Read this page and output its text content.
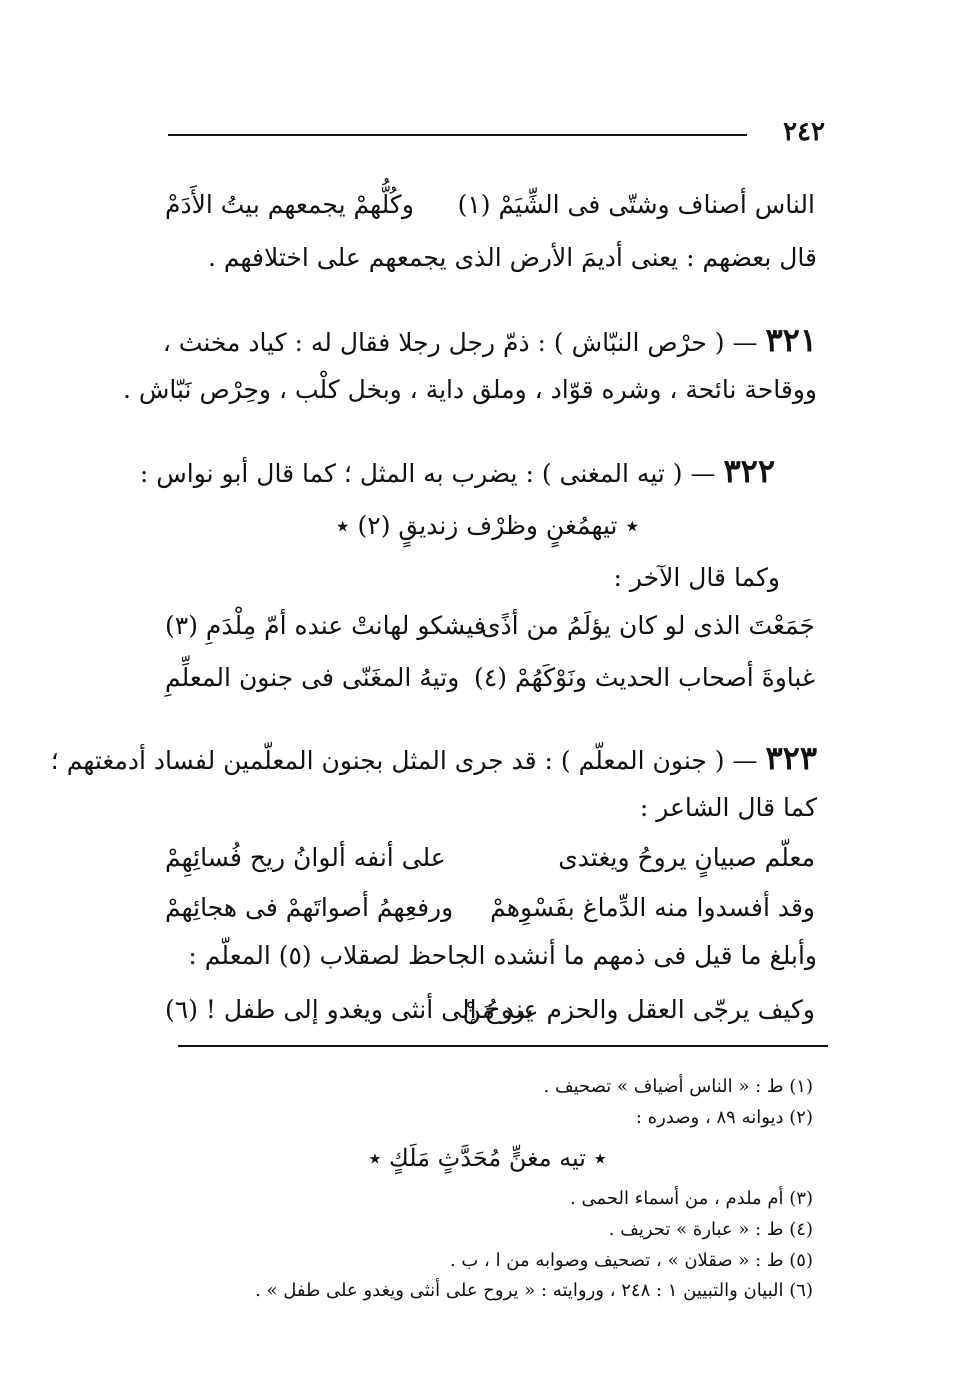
٢٤٢
الناس أصناف وشتّى فى الشِّيَمْ (١)
وكُلُّهمْ يجمعهم بيتُ الأَدَمْ
قال بعضهم : يعنى أديمَ الأرض الذى يجمعهم على اختلافهم .
٣٢١ — ( حرْص النبّاش ) : ذمّ رجل رجلا فقال له : كياد مخنث ،
ووقاحة نائحة ، وشره قوّاد ، وملق داية ، وبخل كلْب ، وحِرْص نَبّاش .
٣٢٢ — ( تيه المغنى ) : يضرب به المثل ؛ كما قال أبو نواس :
٭ تيهمُغنٍ وظرْف زنديقٍ (٢) ٭
وكما قال الآخر :
جَمَعْتَ الذى لو كان يؤلَمُ من أذًى
فيشكو لهانتْ عنده أمّ مِلْدَمِ (٣)
غباوةَ أصحاب الحديث ونَوْكَهُمْ (٤)
وتيهُ المغَنّى فى جنون المعلِّمِ
٣٢٣ — ( جنون المعلّم ) : قد جرى المثل بجنون المعلّمين لفساد أدمغتهم ؛
كما قال الشاعر :
معلّم صبيانٍ يروحُ ويغتدى
على أنفه ألوانُ ريح فُسائِهِمْ
وقد أفسدوا منه الدِّماغ بفَسْوِهمْ
ورفعِهمُ أصواتَهمْ فى هجائِهمْ
وأبلغ ما قيل فى ذمهم ما أنشده الجاحظ لصقلاب (٥) المعلّم :
وكيف يرجّى العقل والحزم عند مَنْ
يروحُ إلى أنثى ويغدو إلى طفل ! (٦)
(١) ط : « الناس أضياف » تصحيف .
(٢) ديوانه ٨٩ ، وصدره :
٭ تيه مغنٍّ مُحَدَّثٍ مَلَكٍ ٭
(٣) أم ملدم ، من أسماء الحمى .
(٤) ط : « عبارة » تحريف .
(٥) ط : « صقلان » ، تصحيف وصوابه من ا ، ب .
(٦) البيان والتبيين ١ : ٢٤٨ ، وروايته : « يروح على أنثى ويغدو على طفل » .
